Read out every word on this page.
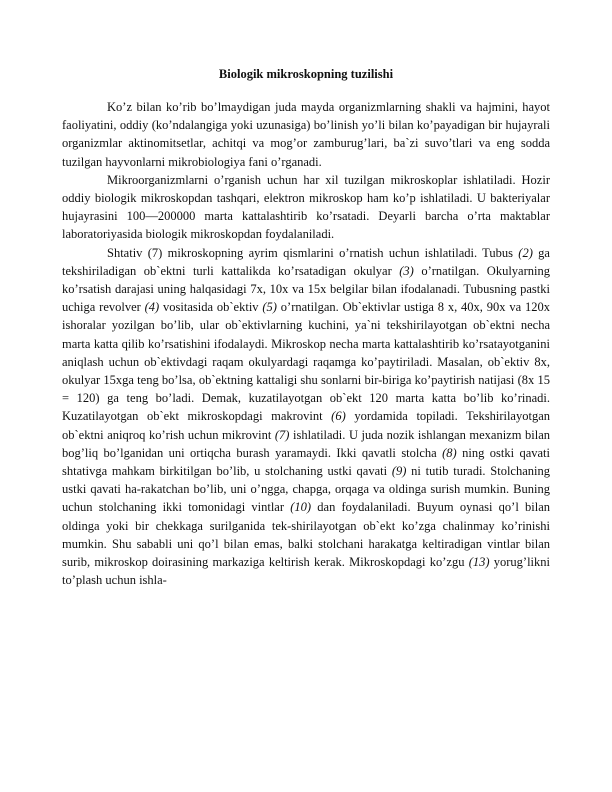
Biologik mikroskopning tuzilishi

Ko’z bilan ko’rib bo’lmaydigan juda mayda organizmlarning shakli va hajmini, hayot faoliyatini, oddiy (ko’ndalangiga yoki uzunasiga) bo’linish yo’li bilan ko’payadigan bir hujayrali organizmlar aktinomitsetlar, achitqi va mog’or zamburug’lari, ba`zi suvo’tlari va eng sodda tuzilgan hayvonlarni mikrobiologiya fani o’rganadi.

Mikroorganizmlarni o’rganish uchun har xil tuzilgan mikroskoplar ishlatiladi. Hozir oddiy biologik mikroskopdan tashqari, elektron mikroskop ham ko’p ishlatiladi. U bakteriyalar hujayrasini 100—200000 marta kattalashtirib ko’rsatadi. Deyarli barcha o’rta maktablar laboratoriyasida biologik mikroskopdan foydalaniladi.

Shtativ (7) mikroskopning ayrim qismlarini o’rnatish uchun ishlatiladi. Tubus (2) ga tekshiriladigan ob`ektni turli kattalikda ko’rsatadigan okulyar (3) o’rnatilgan. Okulyarning ko’rsatish darajasi uning halqasidagi 7x, 10x va 15x belgilar bilan ifodalanadi. Tubusning pastki uchiga revolver (4) vositasida ob`ektiv (5) o’rnatilgan. Ob`ektivlar ustiga 8 x, 40x, 90x va 120x ishoralar yozilgan bo’lib, ular ob`ektivlarning kuchini, ya`ni tekshirilayotgan ob`ektni necha marta katta qilib ko’rsatishini ifodalaydi. Mikroskop necha marta kattalashtirib ko’rsatayotganini aniqlash uchun ob`ektivdagi raqam okulyardagi raqamga ko’paytiriladi. Masalan, ob`ektiv 8x, okulyar 15xga teng bo’lsa, ob`ektning kattaligi shu sonlarni bir-biriga ko’paytirish natijasi (8x 15 = 120) ga teng bo’ladi. Demak, kuzatilayotgan ob`ekt 120 marta katta bo’lib ko’rinadi. Kuzatilayotgan ob`ekt mikroskopdagi makrovint (6) yordamida topiladi. Tekshirilayotgan ob`ektni aniqroq ko’rish uchun mikrovint (7) ishlatiladi. U juda nozik ishlangan mexanizm bilan bog’liq bo’lganidan uni ortiqcha burash yaramaydi. Ikki qavatli stolcha (8) ning ostki qavati shtativga mahkam birkitilgan bo’lib, u stolchaning ustki qavati (9) ni tutib turadi. Stolchaning ustki qavati ha-rakatchan bo’lib, uni o’ngga, chapga, orqaga va oldinga surish mumkin. Buning uchun stolchaning ikki tomonidagi vintlar (10) dan foydalaniladi. Buyum oynasi qo’l bilan oldinga yoki bir chekkaga surilganida tek-shirilayotgan ob`ekt ko’zga chalinmay ko’rinishi mumkin. Shu sababli uni qo’l bilan emas, balki stolchani harakatga keltiradigan vintlar bilan surib, mikroskop doirasining markaziga keltirish kerak. Mikroskopdagi ko’zgu (13) yorug’likni to’plash uchun ishla-
